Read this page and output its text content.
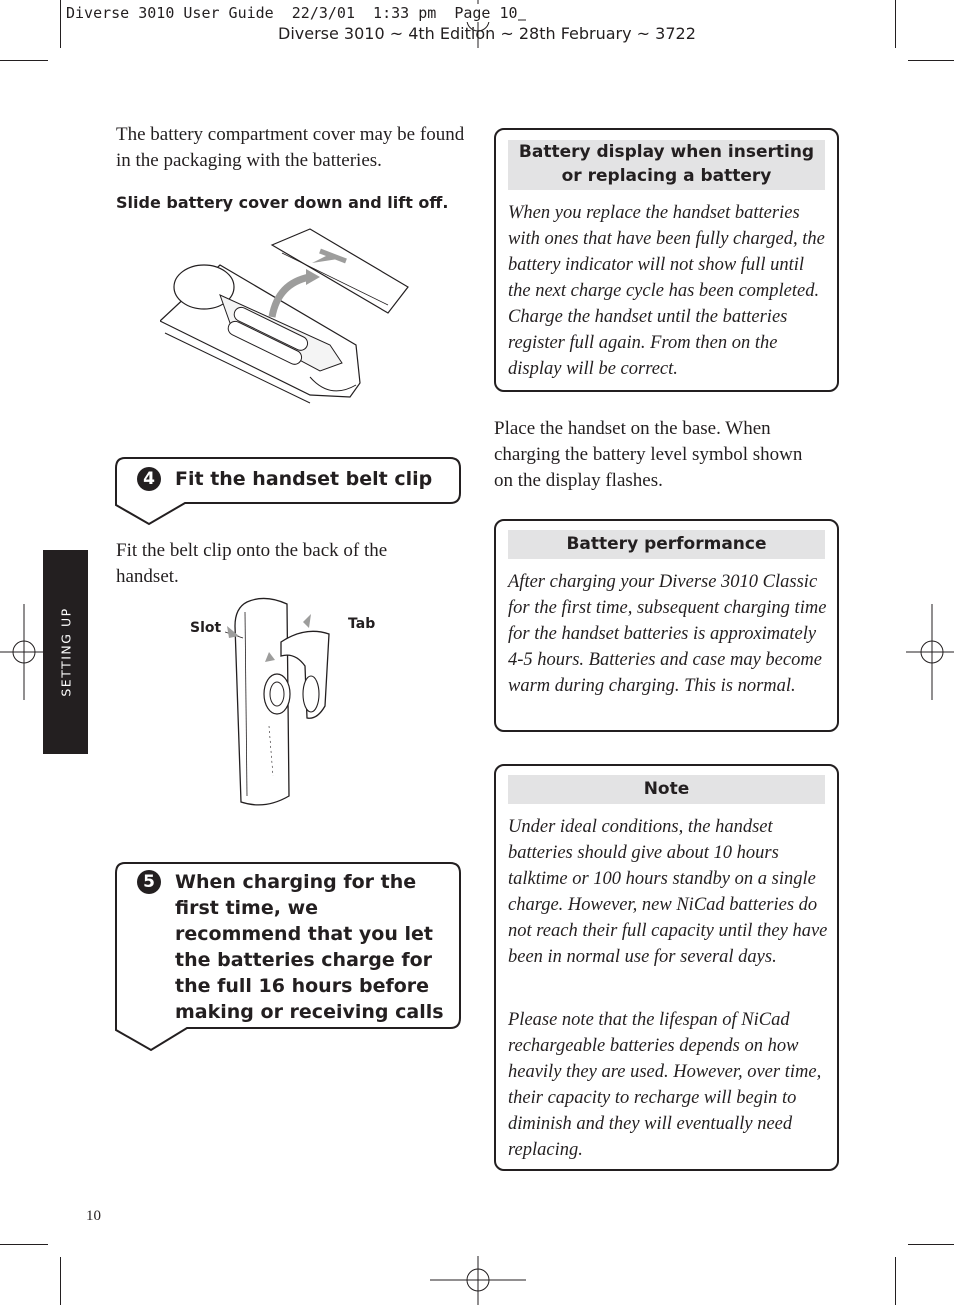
Diverse 3010 User Guide  22/3/01  1:33 pm  Page 10
Diverse 3010 ~ 4th Edition ~ 28th February ~ 3722
SETTING UP
The battery compartment cover may be found in the packaging with the batteries.
Slide battery cover down and lift off.
4	Fit the handset belt clip
Fit the belt clip onto the back of the handset.
Slot	Tab
5	When charging for the first time, we recommend that you let the batteries charge for the full 16 hours before making or receiving calls
10
Battery display when inserting or replacing a battery
When you replace the handset batteries with ones that have been fully charged, the battery indicator will not show full until the next charge cycle has been completed. Charge the handset until the batteries register full again. From then on the display will be correct.
Place the handset on the base. When charging the battery level symbol shown on the display flashes.
Battery performance
After charging your Diverse 3010 Classic for the first time, subsequent charging time for the handset batteries is approximately 4-5 hours. Batteries and case may become warm during charging. This is normal.
Note
Under ideal conditions, the handset batteries should give about 10 hours talktime or 100 hours standby on a single charge. However, new NiCad batteries do not reach their full capacity until they have been in normal use for several days.
Please note that the lifespan of NiCad rechargeable batteries depends on how heavily they are used. However, over time, their capacity to recharge will begin to diminish and they will eventually need replacing.
